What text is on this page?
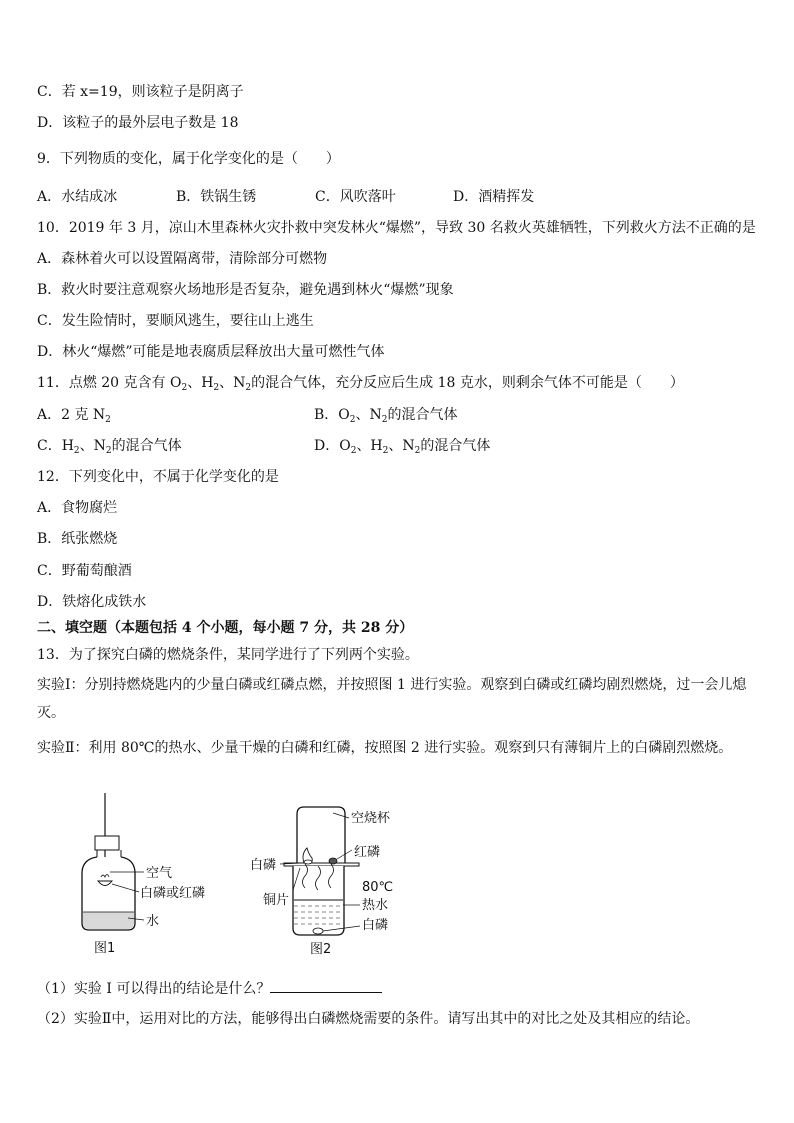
C．若 x=19，则该粒子是阴离子
D．该粒子的最外层电子数是 18
9．下列物质的变化，属于化学变化的是（　　）
A．水结成冰	B．铁锅生锈	C．风吹落叶	D．酒精挥发
10．2019 年 3 月，凉山木里森林火灾扑救中突发林火“爆燃”，导致 30 名救火英雄牺牲，下列救火方法不正确的是
A．森林着火可以设置隔离带，清除部分可燃物
B．救火时要注意观察火场地形是否复杂，避免遇到林火“爆燃”现象
C．发生险情时，要顺风逃生，要往山上逃生
D．林火“爆燃”可能是地表腐质层释放出大量可燃性气体
11．点燃 20 克含有 $O_2$、$H_2$、$N_2$的混合气体，充分反应后生成 18 克水，则剩余气体不可能是（　　）
A．2 克 $N_2$	B．$O_2$、$N_2$的混合气体
C．$H_2$、$N_2$的混合气体	D．$O_2$、$H_2$、$N_2$的混合气体
12．下列变化中，不属于化学变化的是
A．食物腐烂
B．纸张燃烧
C．野葡萄酿酒
D．铁熔化成铁水
二、填空题（本题包括 4 个小题，每小题 7 分，共 28 分）
13．为了探究白磷的燃烧条件，某同学进行了下列两个实验。
实验Ⅰ：分别持燃烧匙内的少量白磷或红磷点燃，并按照图 1 进行实验。观察到白磷或红磷均剧烈燃烧，过一会儿熄灭。
实验Ⅱ：利用 80℃的热水、少量干燥的白磷和红磷，按照图 2 进行实验。观察到只有薄铜片上的白磷剧烈燃烧。
空气
白磷或红磷
水
图1
空烧杯
红磷
白磷
铜片
80℃
热水
白磷
图2
（1）实验 I 可以得出的结论是什么？
（2）实验Ⅱ中，运用对比的方法，能够得出白磷燃烧需要的条件。请写出其中的对比之处及其相应的结论。
